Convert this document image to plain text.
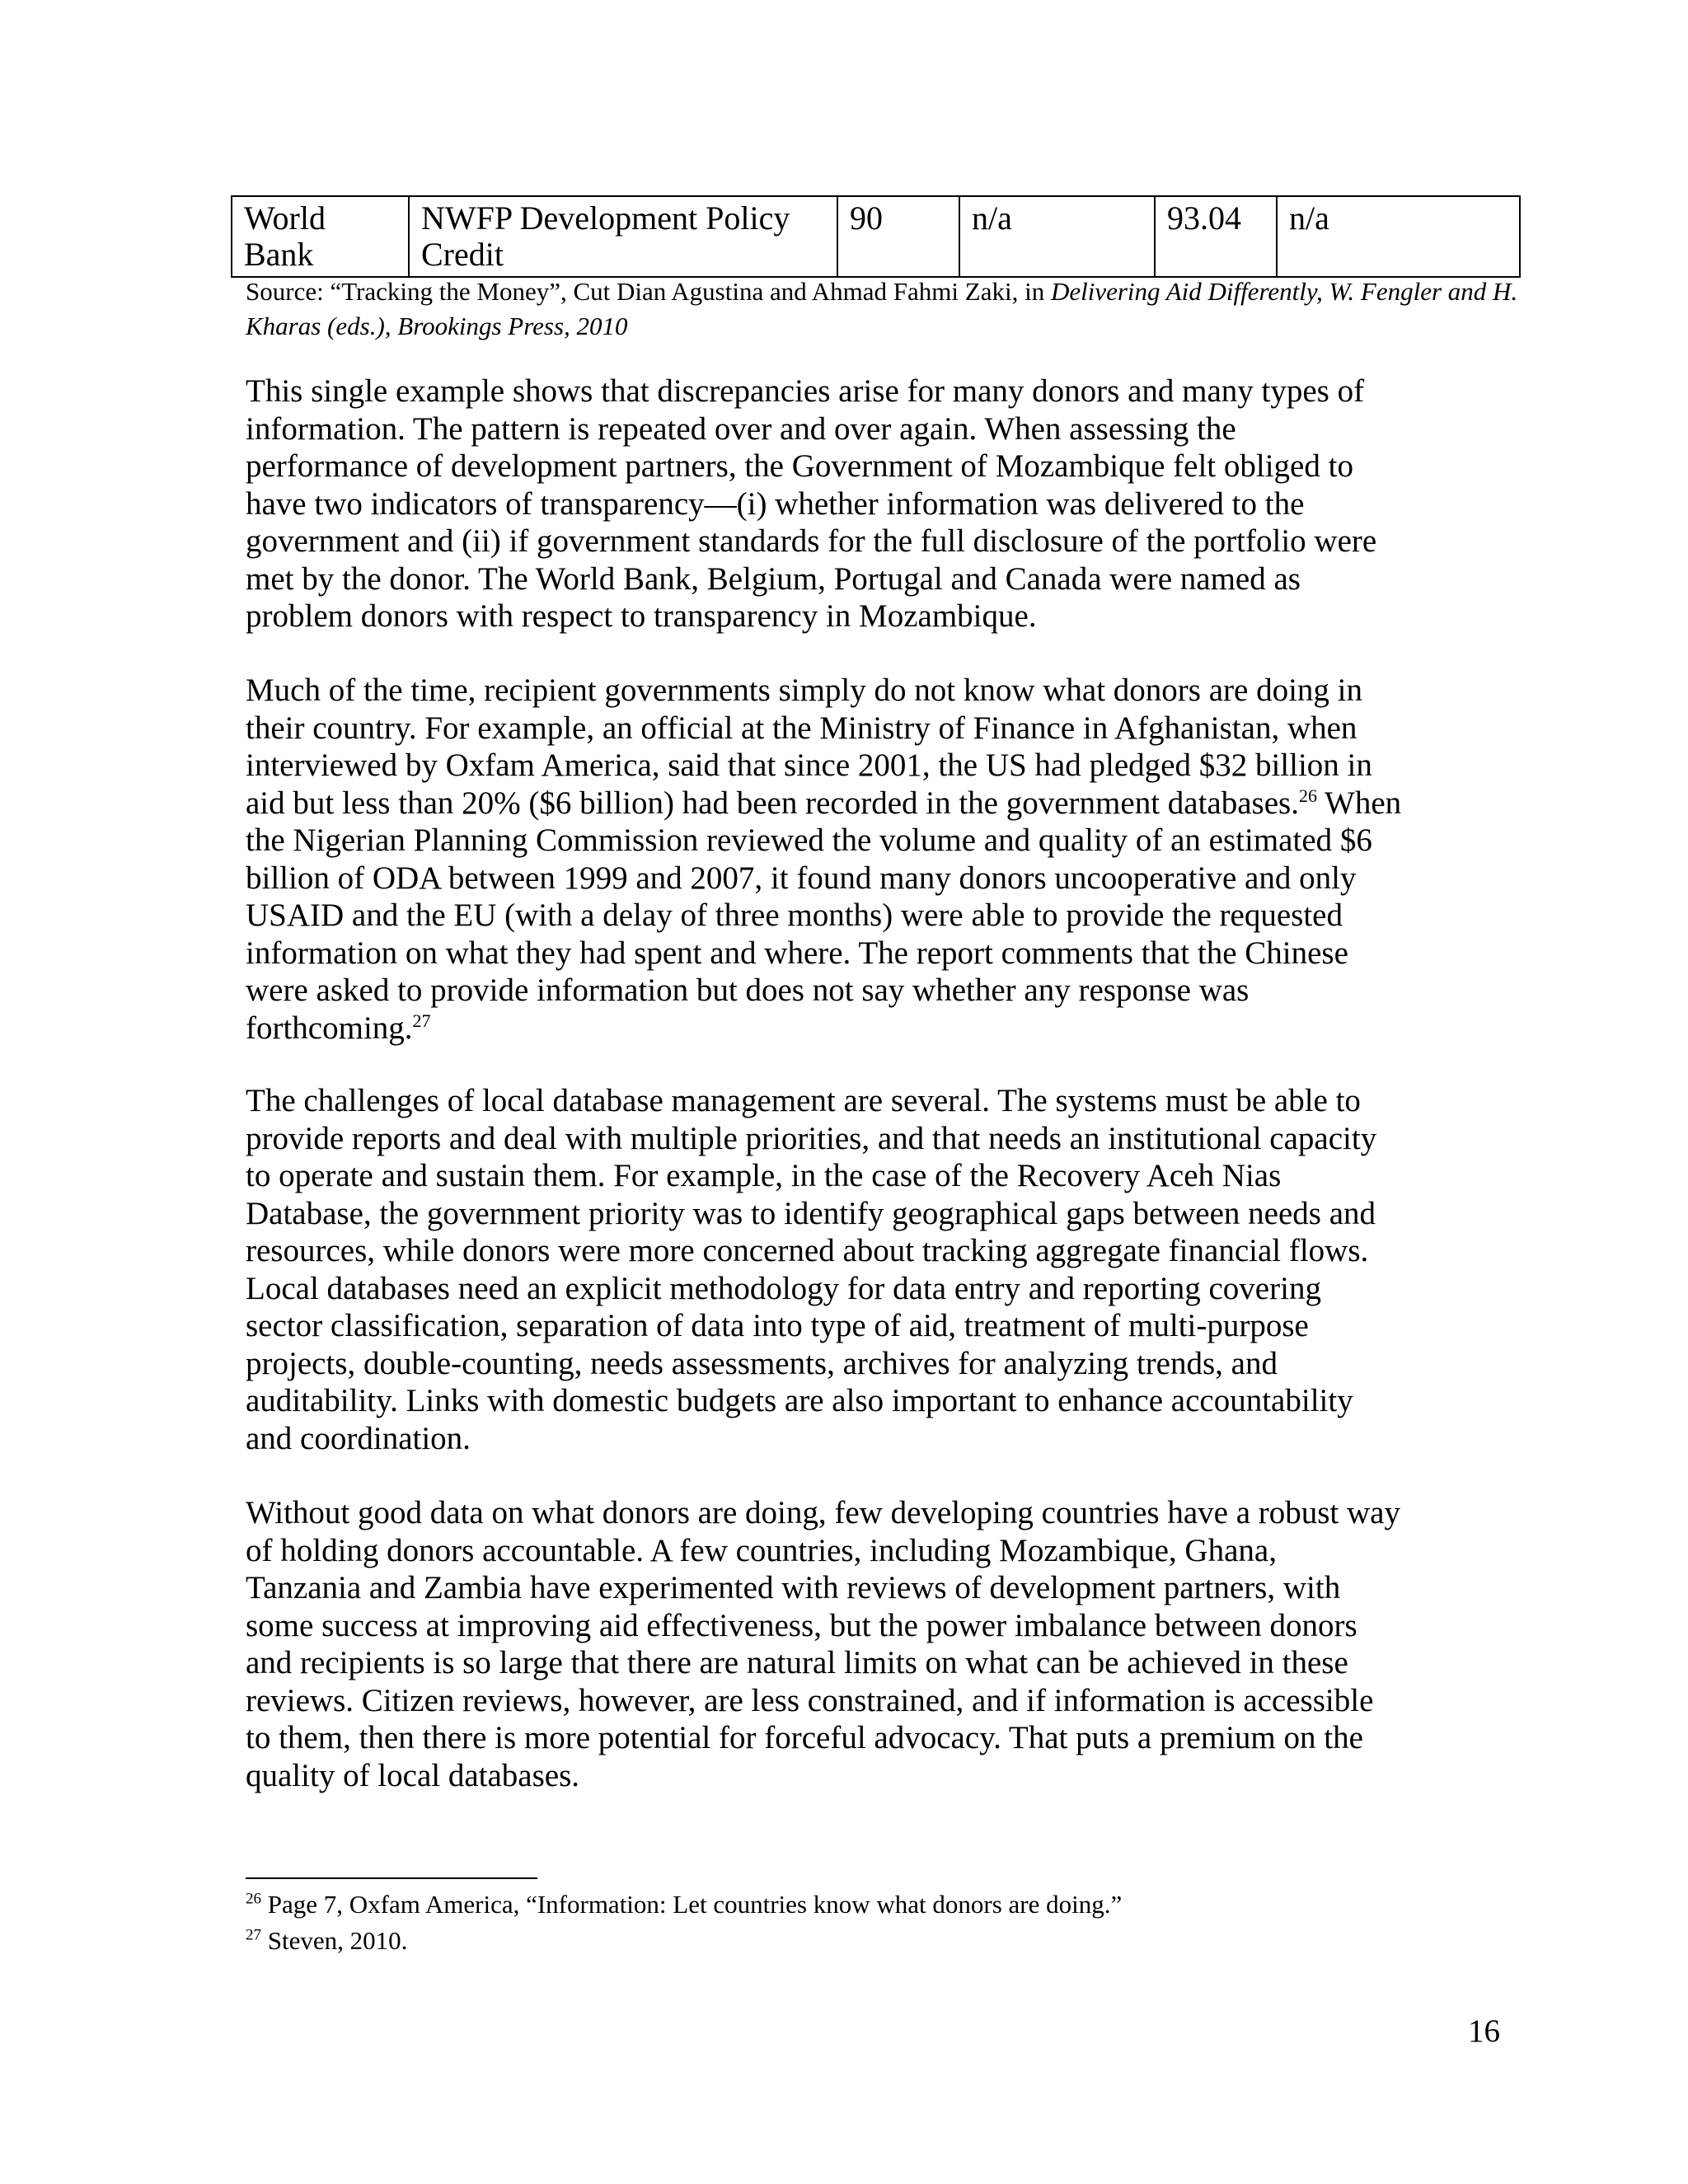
World Bank	NWFP Development Policy Credit	90	n/a	93.04	n/a
Source: “Tracking the Money”, Cut Dian Agustina and Ahmad Fahmi Zaki, in Delivering Aid Differently, W. Fengler and H. Kharas (eds.), Brookings Press, 2010

This single example shows that discrepancies arise for many donors and many types of
information. The pattern is repeated over and over again. When assessing the
performance of development partners, the Government of Mozambique felt obliged to
have two indicators of transparency—(i) whether information was delivered to the
government and (ii) if government standards for the full disclosure of the portfolio were
met by the donor. The World Bank, Belgium, Portugal and Canada were named as
problem donors with respect to transparency in Mozambique.

Much of the time, recipient governments simply do not know what donors are doing in
their country. For example, an official at the Ministry of Finance in Afghanistan, when
interviewed by Oxfam America, said that since 2001, the US had pledged $32 billion in
aid but less than 20% ($6 billion) had been recorded in the government databases.$^{26}$ When
the Nigerian Planning Commission reviewed the volume and quality of an estimated $6
billion of ODA between 1999 and 2007, it found many donors uncooperative and only
USAID and the EU (with a delay of three months) were able to provide the requested
information on what they had spent and where. The report comments that the Chinese
were asked to provide information but does not say whether any response was
forthcoming.$^{27}$

The challenges of local database management are several. The systems must be able to
provide reports and deal with multiple priorities, and that needs an institutional capacity
to operate and sustain them. For example, in the case of the Recovery Aceh Nias
Database, the government priority was to identify geographical gaps between needs and
resources, while donors were more concerned about tracking aggregate financial flows.
Local databases need an explicit methodology for data entry and reporting covering
sector classification, separation of data into type of aid, treatment of multi-purpose
projects, double-counting, needs assessments, archives for analyzing trends, and
auditability. Links with domestic budgets are also important to enhance accountability
and coordination.

Without good data on what donors are doing, few developing countries have a robust way
of holding donors accountable. A few countries, including Mozambique, Ghana,
Tanzania and Zambia have experimented with reviews of development partners, with
some success at improving aid effectiveness, but the power imbalance between donors
and recipients is so large that there are natural limits on what can be achieved in these
reviews. Citizen reviews, however, are less constrained, and if information is accessible
to them, then there is more potential for forceful advocacy. That puts a premium on the
quality of local databases.

$^{26}$ Page 7, Oxfam America, “Information: Let countries know what donors are doing.”
$^{27}$ Steven, 2010.
16
